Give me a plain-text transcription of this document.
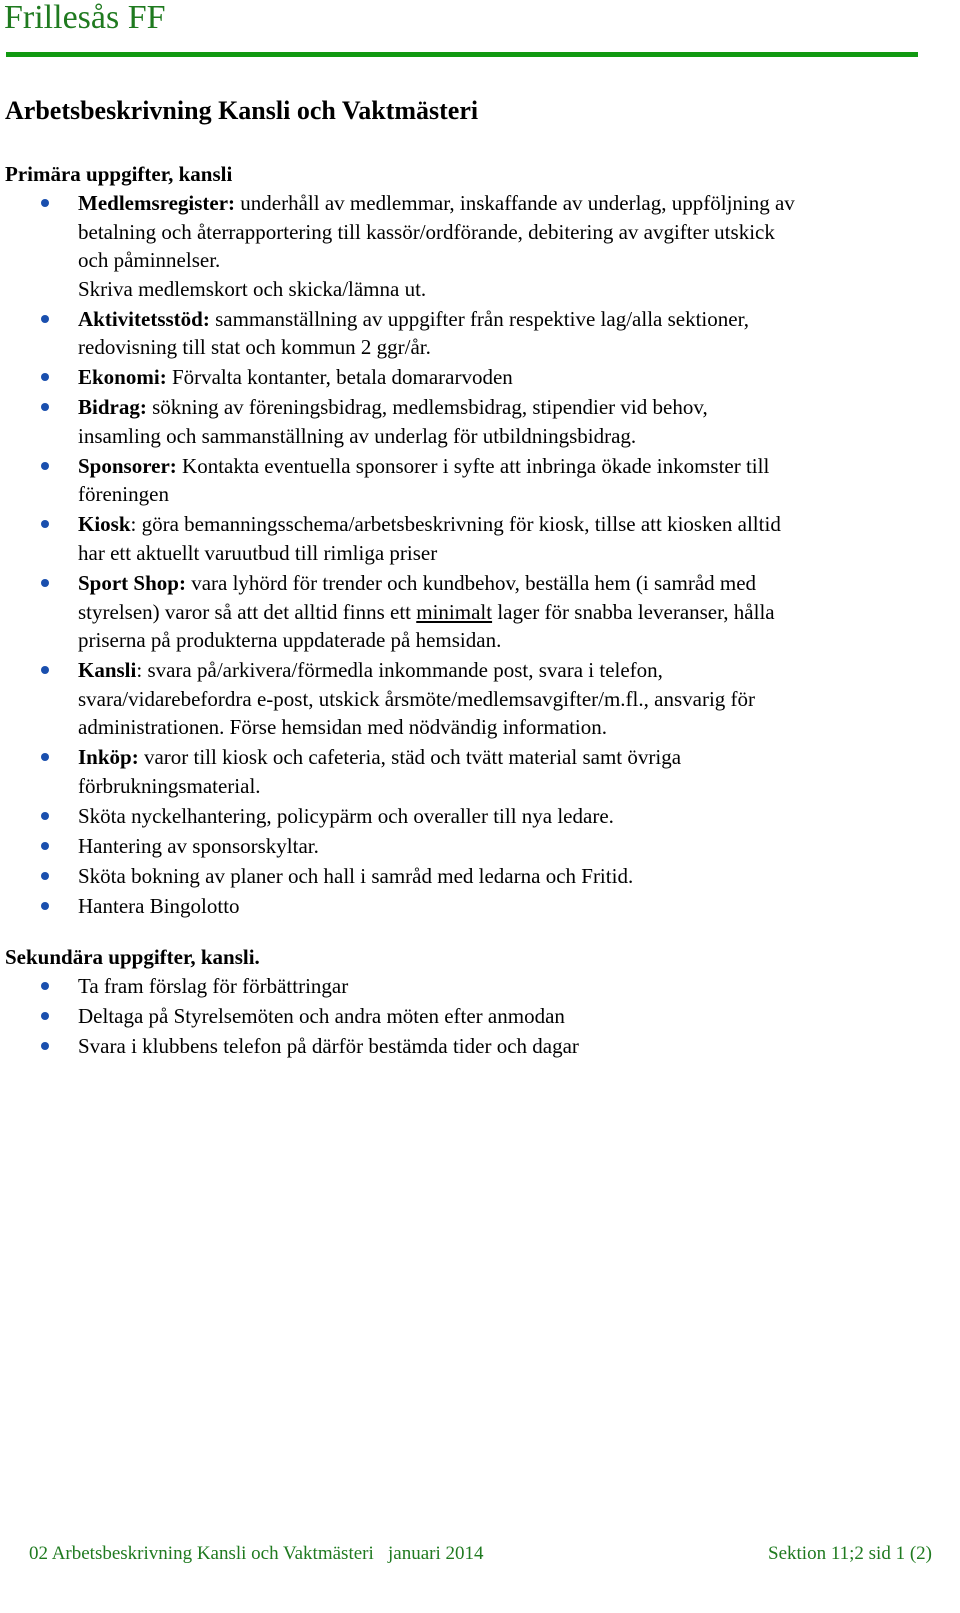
Frillesås FF
Arbetsbeskrivning Kansli och Vaktmästeri
Primära uppgifter, kansli
Medlemsregister: underhåll av medlemmar, inskaffande av underlag, uppföljning av
betalning och återrapportering till kassör/ordförande, debitering av avgifter utskick
och påminnelser.
Skriva medlemskort och skicka/lämna ut.
Aktivitetsstöd: sammanställning av uppgifter från respektive lag/alla sektioner,
redovisning till stat och kommun 2 ggr/år.
Ekonomi: Förvalta kontanter, betala domararvoden
Bidrag: sökning av föreningsbidrag, medlemsbidrag, stipendier vid behov,
insamling och sammanställning av underlag för utbildningsbidrag.
Sponsorer: Kontakta eventuella sponsorer i syfte att inbringa ökade inkomster till
föreningen
Kiosk: göra bemanningsschema/arbetsbeskrivning för kiosk, tillse att kiosken alltid
har ett aktuellt varuutbud till rimliga priser
Sport Shop: vara lyhörd för trender och kundbehov, beställa hem (i samråd med
styrelsen) varor så att det alltid finns ett minimalt lager för snabba leveranser, hålla
priserna på produkterna uppdaterade på hemsidan.
Kansli: svara på/arkivera/förmedla inkommande post, svara i telefon,
svara/vidarebefordra e-post, utskick årsmöte/medlemsavgifter/m.fl., ansvarig för
administrationen. Förse hemsidan med nödvändig information.
Inköp: varor till kiosk och cafeteria, städ och tvätt material samt övriga
förbrukningsmaterial.
Sköta nyckelhantering, policypärm och overaller till nya ledare.
Hantering av sponsorskyltar.
Sköta bokning av planer och hall i samråd med ledarna och Fritid.
Hantera Bingolotto
Sekundära uppgifter, kansli.
Ta fram förslag för förbättringar
Deltaga på Styrelsemöten och andra möten efter anmodan
Svara i klubbens telefon på därför bestämda tider och dagar
02 Arbetsbeskrivning Kansli och Vaktmästeri   januari 2014	Sektion 11;2 sid 1 (2)
